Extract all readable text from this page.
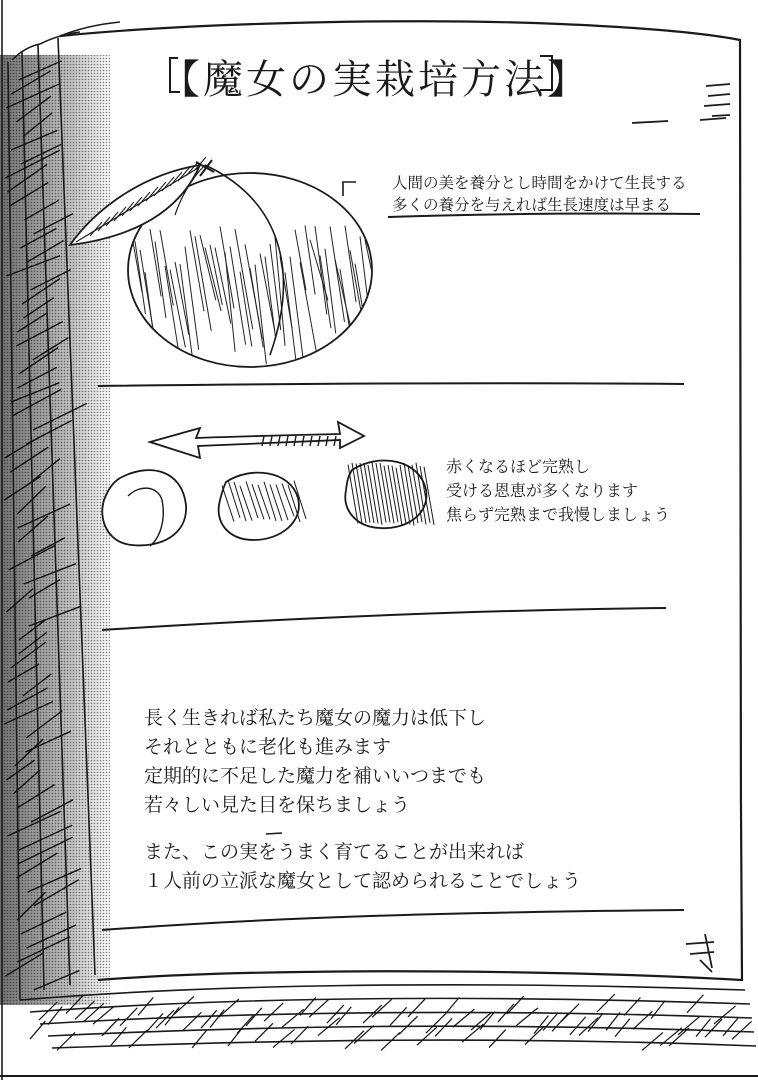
【魔女の実栽培方法】
人間の美を養分とし時間をかけて生長する
多くの養分を与えれば生長速度は早まる
赤くなるほど完熟し
受ける恩恵が多くなります
焦らず完熟まで我慢しましょう
長く生きれば私たち魔女の魔力は低下し
それとともに老化も進みます
定期的に不足した魔力を補いいつまでも
若々しい見た目を保ちましょう
また、この実をうまく育てることが出来れば
１人前の立派な魔女として認められることでしょう
